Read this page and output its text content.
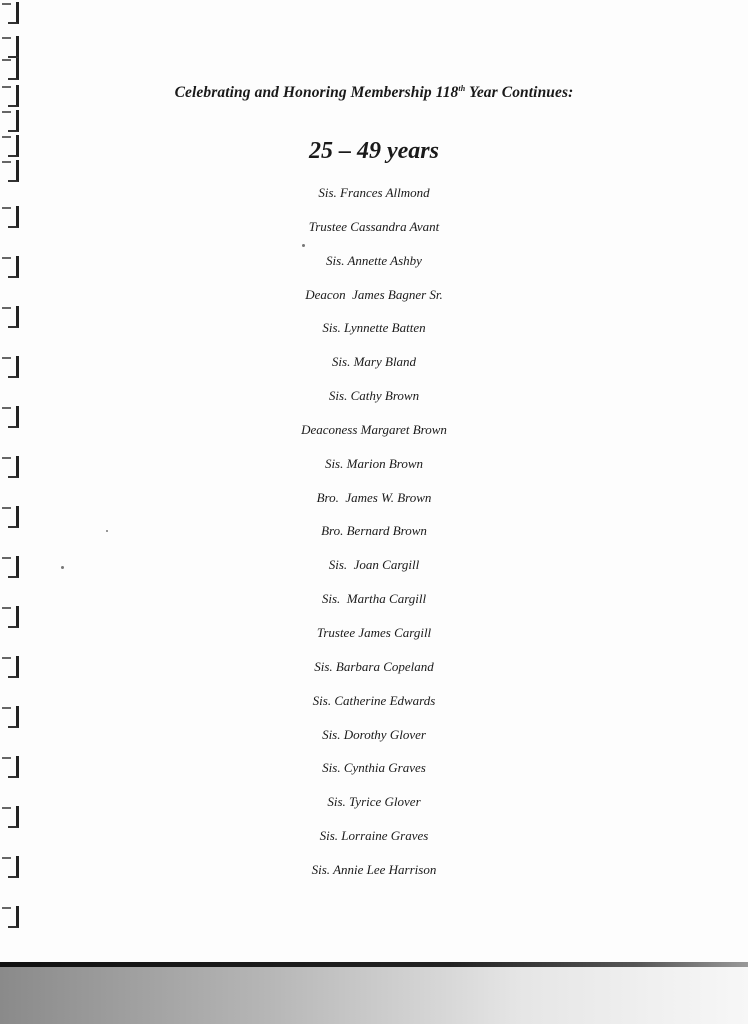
Celebrating and Honoring Membership 118th Year Continues:
25 – 49 years
Sis. Frances Allmond
Trustee Cassandra Avant
Sis. Annette Ashby
Deacon  James Bagner Sr.
Sis. Lynnette Batten
Sis. Mary Bland
Sis. Cathy Brown
Deaconess Margaret Brown
Sis. Marion Brown
Bro.  James W. Brown
Bro. Bernard Brown
Sis.  Joan Cargill
Sis.  Martha Cargill
Trustee James Cargill
Sis. Barbara Copeland
Sis. Catherine Edwards
Sis. Dorothy Glover
Sis. Cynthia Graves
Sis. Tyrice Glover
Sis. Lorraine Graves
Sis. Annie Lee Harrison
